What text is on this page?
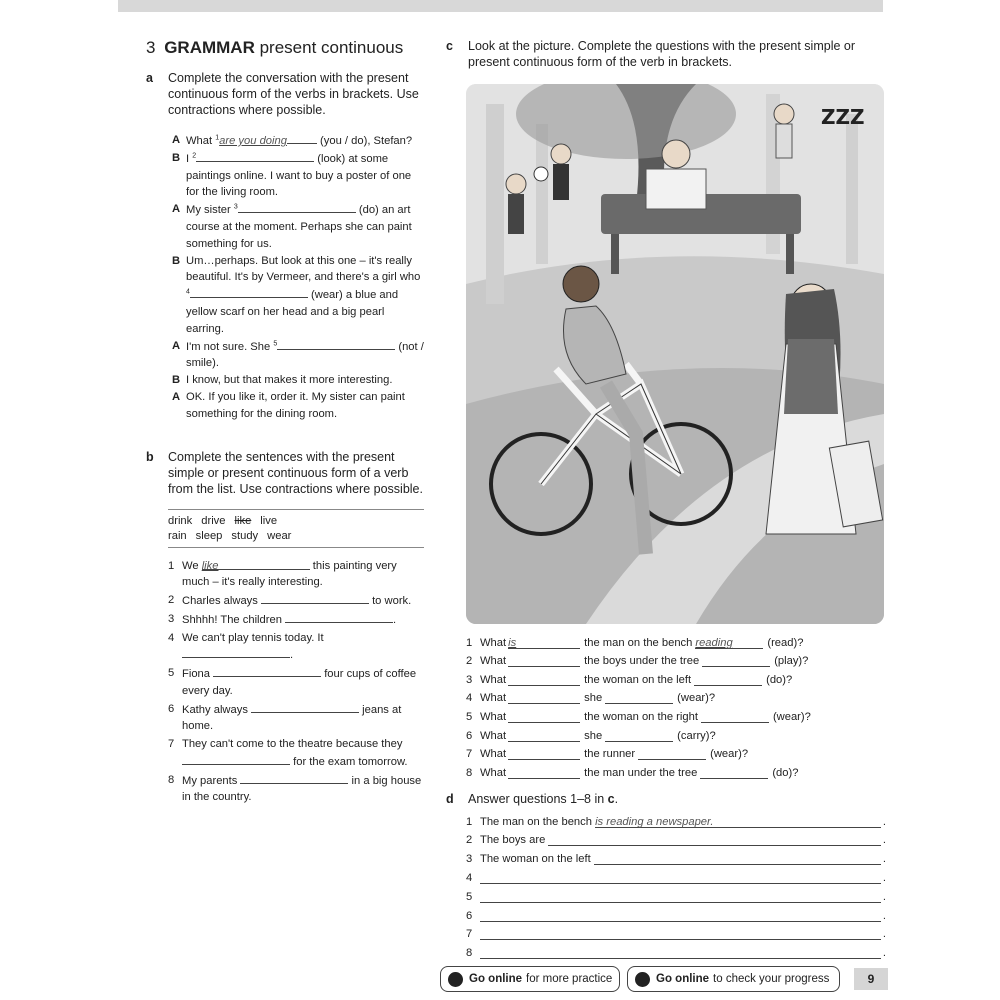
3 GRAMMAR present continuous
a	Complete the conversation with the present continuous form of the verbs in brackets. Use contractions where possible.
A What $^1$are you doing	(you / do), Stefan?
B I $^2$	(look) at some paintings online. I want to buy a poster of one for the living room.
A My sister $^3$	(do) an art course at the moment. Perhaps she can paint something for us.
B Um…perhaps. But look at this one – it's really beautiful. It's by Vermeer, and there's a girl who $^4$	(wear) a blue and yellow scarf on her head and a big pearl earring.
A I'm not sure. She $^5$	(not / smile).
B I know, but that makes it more interesting.
A OK. If you like it, order it. My sister can paint something for the dining room.
b	Complete the sentences with the present simple or present continuous form of a verb from the list. Use contractions where possible.
drink drive like live
rain sleep study wear
1 We like	this painting very much – it's really interesting.
2 Charles always	to work.
3 Shhhh! The children	.
4 We can't play tennis today. It .
5 Fiona	four cups of coffee every day.
6 Kathy always	jeans at home.
7 They can't come to the theatre because they  for the exam tomorrow.
8 My parents	in a big house in the country.
c	Look at the picture. Complete the questions with the present simple or present continuous form of the verb in brackets.
ZZZ
1 What is	the man on the bench reading	(read)?
2 What	the boys under the tree	(play)?
3 What	the woman on the left	(do)?
4 What	she	(wear)?
5 What	the woman on the right	(wear)?
6 What	she	(carry)?
7 What	the runner	(wear)?
8 What	the man under the tree	(do)?
d	Answer questions 1–8 in c.
1 The man on the bench is reading a newspaper.	.
2 The boys are	.
3 The woman on the left	.
4	.
5	.
6	.
7	.
8	.
Go online for more practice	Go online to check your progress	9
